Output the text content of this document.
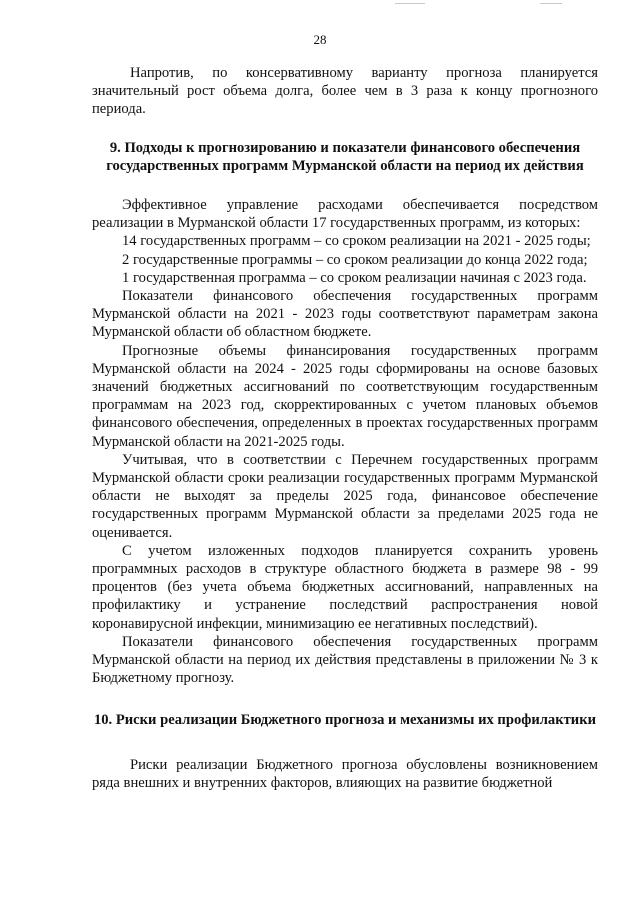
28

Напротив, по консервативному варианту прогноза планируется значительный рост объема долга, более чем в 3 раза к концу прогнозного периода.

9. Подходы к прогнозированию и показатели финансового обеспечения государственных программ Мурманской области на период их действия

Эффективное управление расходами обеспечивается посредством реализации в Мурманской области 17 государственных программ, из которых:

14 государственных программ – со сроком реализации на 2021 - 2025 годы;

2 государственные программы – со сроком реализации до конца 2022 года;

1 государственная программа – со сроком реализации начиная с 2023 года.

Показатели финансового обеспечения государственных программ Мурманской области на 2021 - 2023 годы соответствуют параметрам закона Мурманской области об областном бюджете.

Прогнозные объемы финансирования государственных программ Мурманской области на 2024 - 2025 годы сформированы на основе базовых значений бюджетных ассигнований по соответствующим государственным программам на 2023 год, скорректированных с учетом плановых объемов финансового обеспечения, определенных в проектах государственных программ Мурманской области на 2021-2025 годы.

Учитывая, что в соответствии с Перечнем государственных программ Мурманской области сроки реализации государственных программ Мурманской области не выходят за пределы 2025 года, финансовое обеспечение государственных программ Мурманской области за пределами 2025 года не оценивается.

С учетом изложенных подходов планируется сохранить уровень программных расходов в структуре областного бюджета в размере 98 - 99 процентов (без учета объема бюджетных ассигнований, направленных на профилактику и устранение последствий распространения новой коронавирусной инфекции, минимизацию ее негативных последствий).

Показатели финансового обеспечения государственных программ Мурманской области на период их действия представлены в приложении № 3 к Бюджетному прогнозу.

10. Риски реализации Бюджетного прогноза и механизмы их профилактики

Риски реализации Бюджетного прогноза обусловлены возникновением ряда внешних и внутренних факторов, влияющих на развитие бюджетной
